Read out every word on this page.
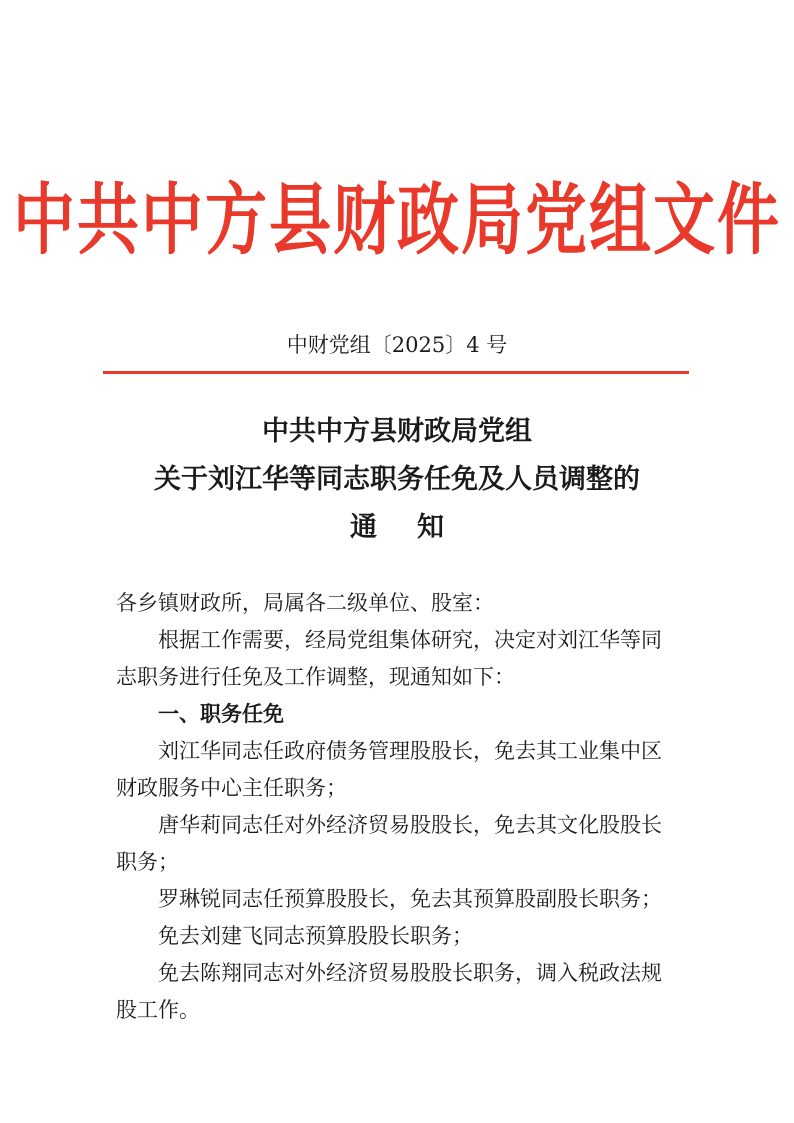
中共中方县财政局党组文件
中财党组〔2025〕4 号
中共中方县财政局党组
关于刘江华等同志职务任免及人员调整的
通知

各乡镇财政所，局属各二级单位、股室：

根据工作需要，经局党组集体研究，决定对刘江华等同志职务进行任免及工作调整，现通知如下：

一、职务任免

刘江华同志任政府债务管理股股长，免去其工业集中区财政服务中心主任职务；

唐华莉同志任对外经济贸易股股长，免去其文化股股长职务；

罗琳锐同志任预算股股长，免去其预算股副股长职务；

免去刘建飞同志预算股股长职务；

免去陈翔同志对外经济贸易股股长职务，调入税政法规股工作。
